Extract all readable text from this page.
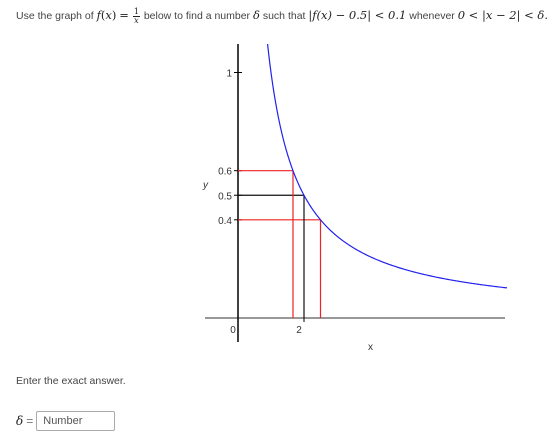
Use the graph of $f(x) = \frac{1}{x}$ below to find a number δ such that |f(x) − 0.5| < 0.1 whenever 0 < |x − 2| < δ.
0.6
0.5
0.4
1
0	2
y
x
Enter the exact answer.
δ =
Number
